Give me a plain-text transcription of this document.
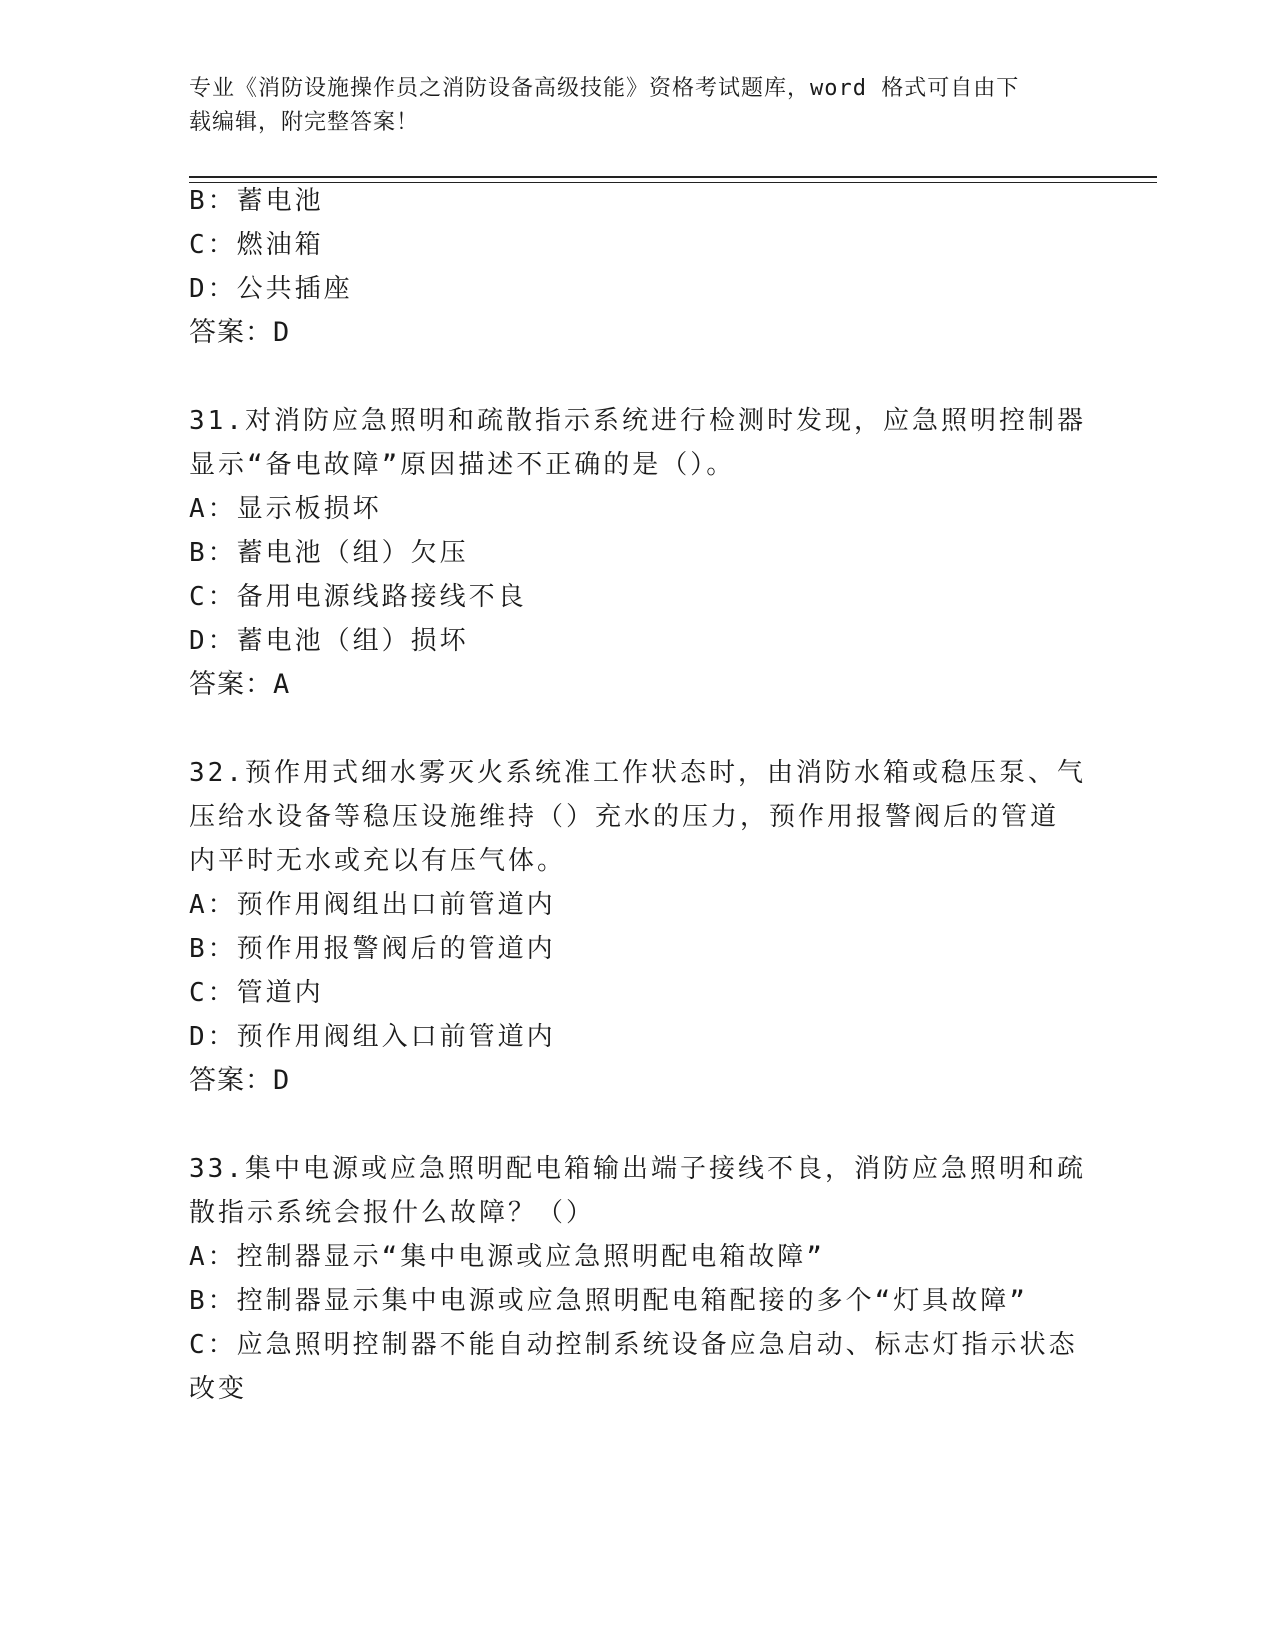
专业《消防设施操作员之消防设备高级技能》资格考试题库，word 格式可自由下
载编辑，附完整答案！
B：蓄电池
C：燃油箱
D：公共插座
答案：D
31.对消防应急照明和疏散指示系统进行检测时发现，应急照明控制器
显示“备电故障”原因描述不正确的是（）。
A：显示板损坏
B：蓄电池（组）欠压
C：备用电源线路接线不良
D：蓄电池（组）损坏
答案：A
32.预作用式细水雾灭火系统准工作状态时，由消防水箱或稳压泵、气
压给水设备等稳压设施维持（）充水的压力，预作用报警阀后的管道
内平时无水或充以有压气体。
A：预作用阀组出口前管道内
B：预作用报警阀后的管道内
C：管道内
D：预作用阀组入口前管道内
答案：D
33.集中电源或应急照明配电箱输出端子接线不良，消防应急照明和疏
散指示系统会报什么故障？（）
A：控制器显示“集中电源或应急照明配电箱故障”
B：控制器显示集中电源或应急照明配电箱配接的多个“灯具故障”
C：应急照明控制器不能自动控制系统设备应急启动、标志灯指示状态
改变
